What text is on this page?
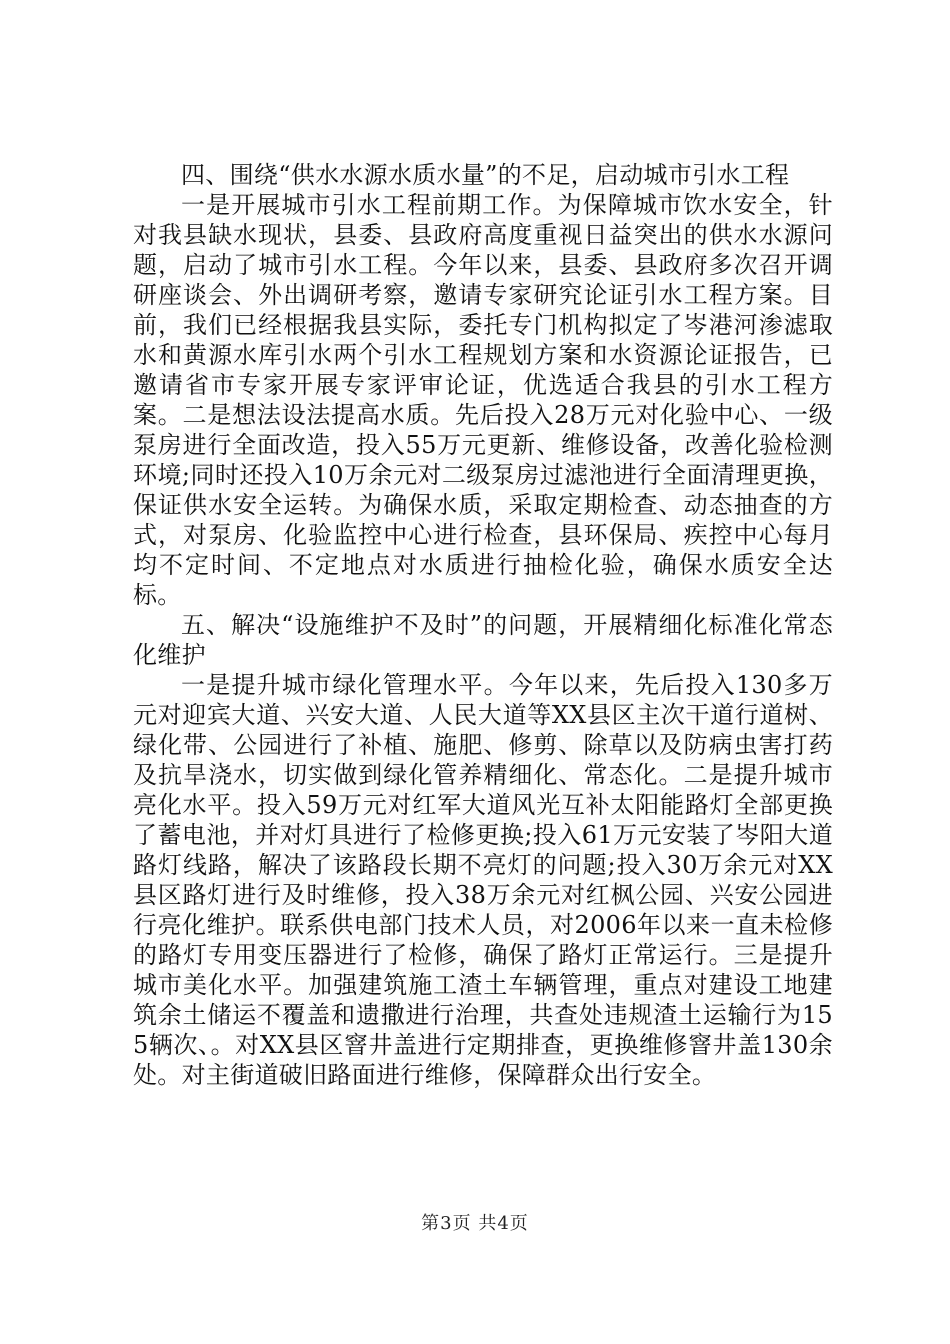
四、围绕“供水水源水质水量”的不足，启动城市引水工程

一是开展城市引水工程前期工作。为保障城市饮水安全，针对我县缺水现状，县委、县政府高度重视日益突出的供水水源问题，启动了城市引水工程。今年以来，县委、县政府多次召开调研座谈会、外出调研考察，邀请专家研究论证引水工程方案。目前，我们已经根据我县实际，委托专门机构拟定了岑港河渗滤取水和黄源水库引水两个引水工程规划方案和水资源论证报告，已邀请省市专家开展专家评审论证，优选适合我县的引水工程方案。二是想法设法提高水质。先后投入28万元对化验中心、一级泵房进行全面改造，投入55万元更新、维修设备，改善化验检测环境;同时还投入10万余元对二级泵房过滤池进行全面清理更换，保证供水安全运转。为确保水质，采取定期检查、动态抽查的方式，对泵房、化验监控中心进行检查，县环保局、疾控中心每月均不定时间、不定地点对水质进行抽检化验，确保水质安全达标。

五、解决“设施维护不及时”的问题，开展精细化标准化常态化维护

一是提升城市绿化管理水平。今年以来，先后投入130多万元对迎宾大道、兴安大道、人民大道等XX县区主次干道行道树、绿化带、公园进行了补植、施肥、修剪、除草以及防病虫害打药及抗旱浇水，切实做到绿化管养精细化、常态化。二是提升城市亮化水平。投入59万元对红军大道风光互补太阳能路灯全部更换了蓄电池，并对灯具进行了检修更换;投入61万元安装了岑阳大道路灯线路，解决了该路段长期不亮灯的问题;投入30万余元对XX县区路灯进行及时维修，投入38万余元对红枫公园、兴安公园进行亮化维护。联系供电部门技术人员，对2006年以来一直未检修的路灯专用变压器进行了检修，确保了路灯正常运行。三是提升城市美化水平。加强建筑施工渣土车辆管理，重点对建设工地建筑余土储运不覆盖和遗撒进行治理，共查处违规渣土运输行为155辆次、。对XX县区窨井盖进行定期排查，更换维修窨井盖130余处。对主街道破旧路面进行维修，保障群众出行安全。

第3页 共4页
